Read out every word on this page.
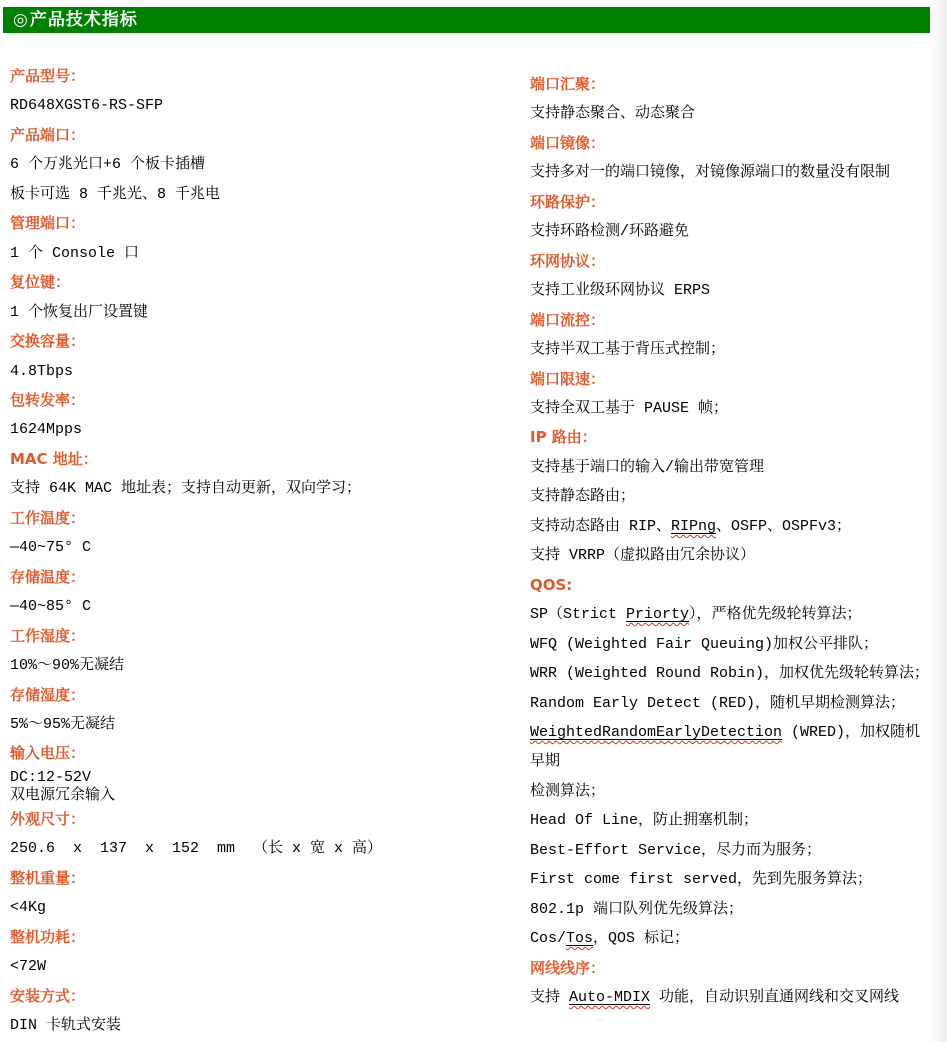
◎产品技术指标
产品型号：
RD648XGST6-RS-SFP
产品端口：
6 个万兆光口+6 个板卡插槽
板卡可选 8 千兆光、8 千兆电
管理端口：
1 个 Console 口
复位键：
1 个恢复出厂设置键
交换容量：
4.8Tbps
包转发率：
1624Mpps
MAC 地址：
支持 64K MAC 地址表；支持自动更新，双向学习；
工作温度：
—40~75° C
存储温度：
—40~85° C
工作湿度：
10%～90%无凝结
存储湿度：
5%～95%无凝结
输入电压：
DC:12-52V
双电源冗余输入
外观尺寸：
250.6  x  137  x  152  mm  （长 x 宽 x 高）
整机重量：
<4Kg
整机功耗：
<72W
安装方式：
DIN 卡轨式安装
端口汇聚：
支持静态聚合、动态聚合
端口镜像：
支持多对一的端口镜像，对镜像源端口的数量没有限制
环路保护：
支持环路检测/环路避免
环网协议：
支持工业级环网协议 ERPS
端口流控：
支持半双工基于背压式控制；
端口限速：
支持全双工基于 PAUSE 帧；
IP 路由：
支持基于端口的输入/输出带宽管理
支持静态路由；
支持动态路由 RIP、RIPng、OSFP、OSPFv3；
支持 VRRP（虚拟路由冗余协议）
QOS:
SP（Strict Priorty），严格优先级轮转算法；
WFQ (Weighted Fair Queuing)加权公平排队；
WRR (Weighted Round Robin)，加权优先级轮转算法；
Random Early Detect (RED)，随机早期检测算法；
WeightedRandomEarlyDetection (WRED)，加权随机早期
检测算法；
Head Of Line，防止拥塞机制；
Best-Effort Service，尽力而为服务；
First come first served，先到先服务算法；
802.1p 端口队列优先级算法；
Cos/Tos，QOS 标记；
网线线序：
支持 Auto-MDIX 功能，自动识别直通网线和交叉网线
